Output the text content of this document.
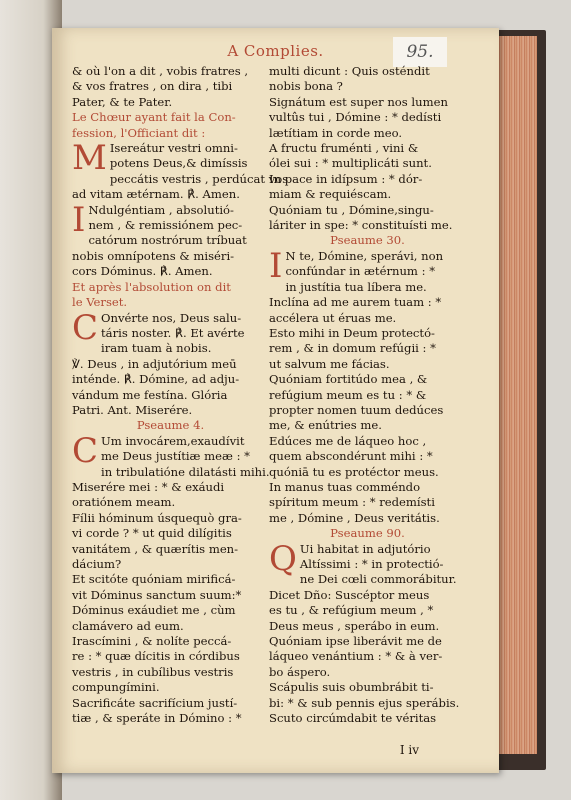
A Complies.	95.
& où l'on a dit , vobis fratres ,
& vos fratres , on dira , tibi
Pater, & te Pater.
Le Chœur ayant fait la Con-
fession, l'Officiant dit :
M Isereátur vestri omni-
potens Deus,& dimíssis
peccátis vestris , perdúcat vos
ad vitam ætérnam. ℟. Amen.
I Ndulgéntiam , absolutió-
nem , & remissiónem pec-
catórum nostrórum tríbuat
nobis omnípotens & miséri-
cors Dóminus. ℟. Amen.
Et après l'absolution on dit
le Verset.
C Onvérte nos, Deus salu-
táris noster. ℟. Et avérte
iram tuam à nobis.
℣. Deus , in adjutórium meū
inténde. ℟. Dómine, ad adju-
vándum me festína. Glória
Patri. Ant. Miserére.
Pseaume 4.
C Um invocárem,exaudívit
me Deus justítiæ meæ : *
in tribulatióne dilatásti mihi.
Miserére mei : * & exáudi
oratiónem meam.
Fílii hóminum úsquequò gra-
vi corde ? * ut quid dilígitis
vanitátem , & quærítis men-
dácium?
Et scitóte quóniam mirificá-
vit Dóminus sanctum suum:*
Dóminus exáudiet me , cùm
clamávero ad eum.
Irascímini , & nolíte peccá-
re : * quæ dícitis in córdibus
vestris , in cubílibus vestris
compungímini.
Sacrificáte sacrifícium justí-
tiæ , & speráte in Dómino : *
multi dicunt : Quis osténdit
nobis bona ?
Signátum est super nos lumen
vultûs tui , Dómine : * dedísti
lætítiam in corde meo.
A fructu fruménti , vini &
ólei sui : * multiplicáti sunt.
In pace in idípsum : * dór-
miam & requiéscam.
Quóniam tu , Dómine,singu-
láriter in spe: * constituísti me.
Pseaume 30.
I N te, Dómine, sperávi, non
confúndar in ætérnum : *
in justítia tua líbera me.
Inclína ad me aurem tuam : *
accélera ut éruas me.
Esto mihi in Deum protectó-
rem , & in domum refúgii : *
ut salvum me fácias.
Quóniam fortitúdo mea , &
refúgium meum es tu : * &
propter nomen tuum dedúces
me, & enútries me.
Edúces me de láqueo hoc ,
quem abscondérunt mihi : *
quóniā tu es protéctor meus.
In manus tuas comméndo
spíritum meum : * redemísti
me , Dómine , Deus veritátis.
Pseaume 90.
Q Ui habitat in adjutório
Altíssimi : * in protectió-
ne Dei cœli commorábitur.
Dicet Dño: Suscéptor meus
es tu , & refúgium meum , *
Deus meus , sperábo in eum.
Quóniam ipse liberávit me de
láqueo venántium : * & à ver-
bo áspero.
Scápulis suis obumbrábit ti-
bi: * & sub pennis ejus sperábis.
Scuto circúmdabit te véritas
I iv
